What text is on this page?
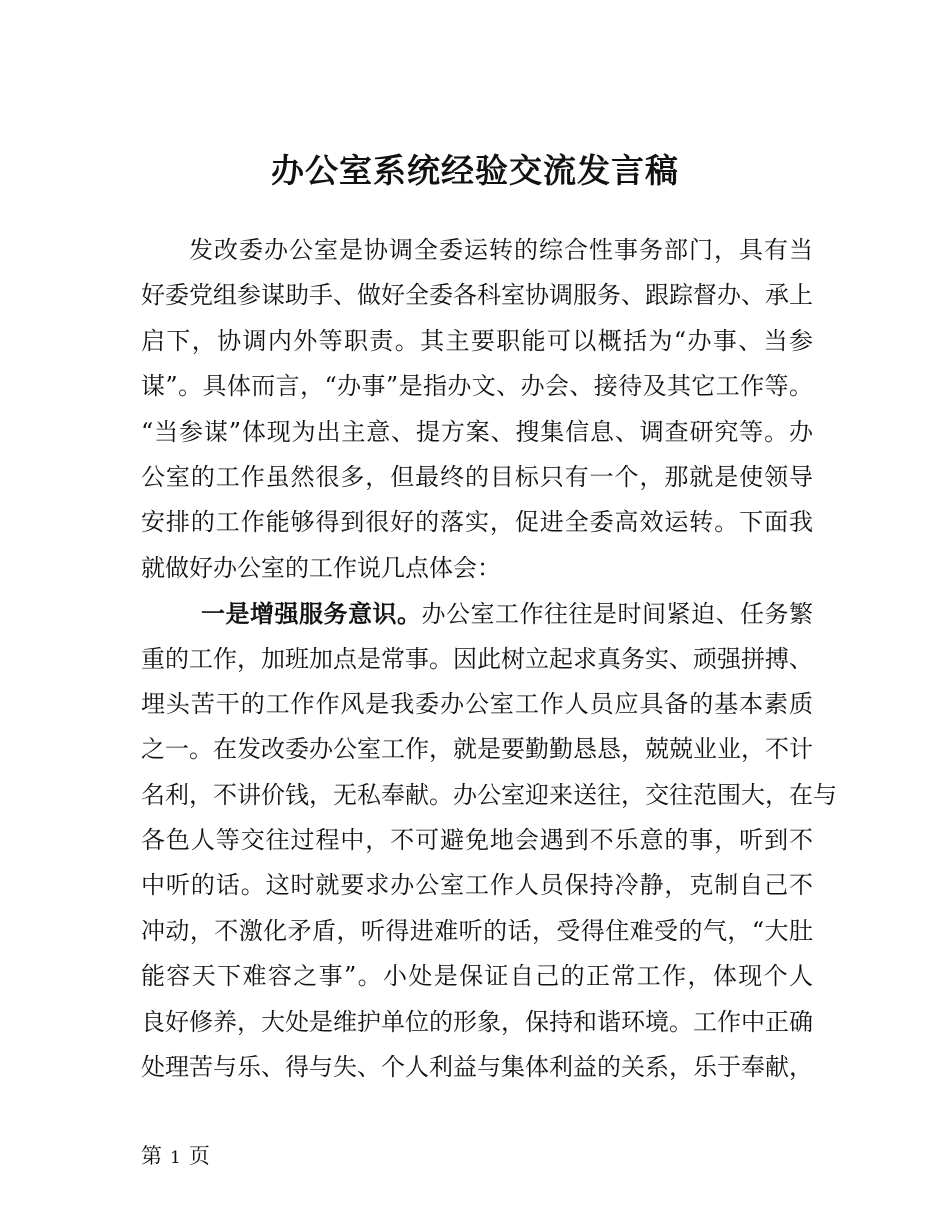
办公室系统经验交流发言稿
发改委办公室是协调全委运转的综合性事务部门，具有当
好委党组参谋助手、做好全委各科室协调服务、跟踪督办、承上
启下，协调内外等职责。其主要职能可以概括为“办事、当参
谋”。具体而言，“办事”是指办文、办会、接待及其它工作等。
“当参谋”体现为出主意、提方案、搜集信息、调查研究等。办
公室的工作虽然很多，但最终的目标只有一个，那就是使领导
安排的工作能够得到很好的落实，促进全委高效运转。下面我
就做好办公室的工作说几点体会：
一是增强服务意识。办公室工作往往是时间紧迫、任务繁
重的工作，加班加点是常事。因此树立起求真务实、顽强拼搏、
埋头苦干的工作作风是我委办公室工作人员应具备的基本素质
之一。在发改委办公室工作，就是要勤勤恳恳，兢兢业业，不计
名利，不讲价钱，无私奉献。办公室迎来送往，交往范围大，在与
各色人等交往过程中，不可避免地会遇到不乐意的事，听到不
中听的话。这时就要求办公室工作人员保持冷静，克制自己不
冲动，不激化矛盾，听得进难听的话，受得住难受的气，“大肚
能容天下难容之事”。小处是保证自己的正常工作，体现个人
良好修养，大处是维护单位的形象，保持和谐环境。工作中正确
处理苦与乐、得与失、个人利益与集体利益的关系，乐于奉献，
第 1 页
